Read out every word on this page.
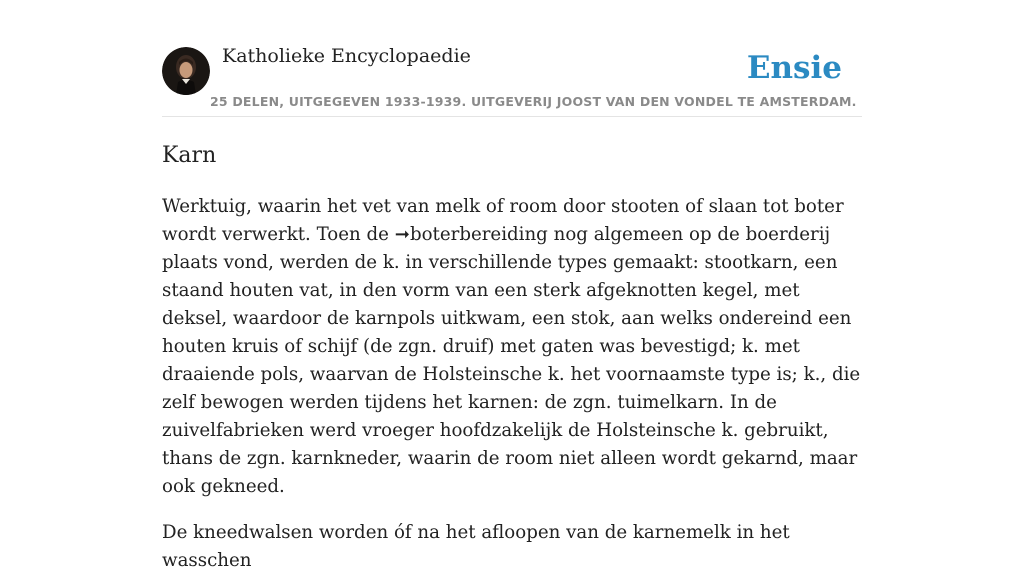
Katholieke Encyclopaedie
25 DELEN, UITGEGEVEN 1933-1939. UITGEVERIJ JOOST VAN DEN VONDEL TE AMSTERDAM.
Ensie
Karn

Werktuig, waarin het vet van melk of room door stooten of slaan tot boter wordt verwerkt. Toen de ➞boterbereiding nog algemeen op de boerderij plaats vond, werden de k. in verschillende types gemaakt: stootkarn, een staand houten vat, in den vorm van een sterk afgeknotten kegel, met deksel, waardoor de karnpols uitkwam, een stok, aan welks ondereind een houten kruis of schijf (de zgn. druif) met gaten was bevestigd; k. met draaiende pols, waarvan de Holsteinsche k. het voornaamste type is; k., die zelf bewogen werden tijdens het karnen: de zgn. tuimelkarn. In de zuivelfabrieken werd vroeger hoofdzakelijk de Holsteinsche k. gebruikt, thans de zgn. karnkneder, waarin de room niet alleen wordt gekarnd, maar ook gekneed.

De kneedwalsen worden óf na het afloopen van de karnemelk in het wasschen
